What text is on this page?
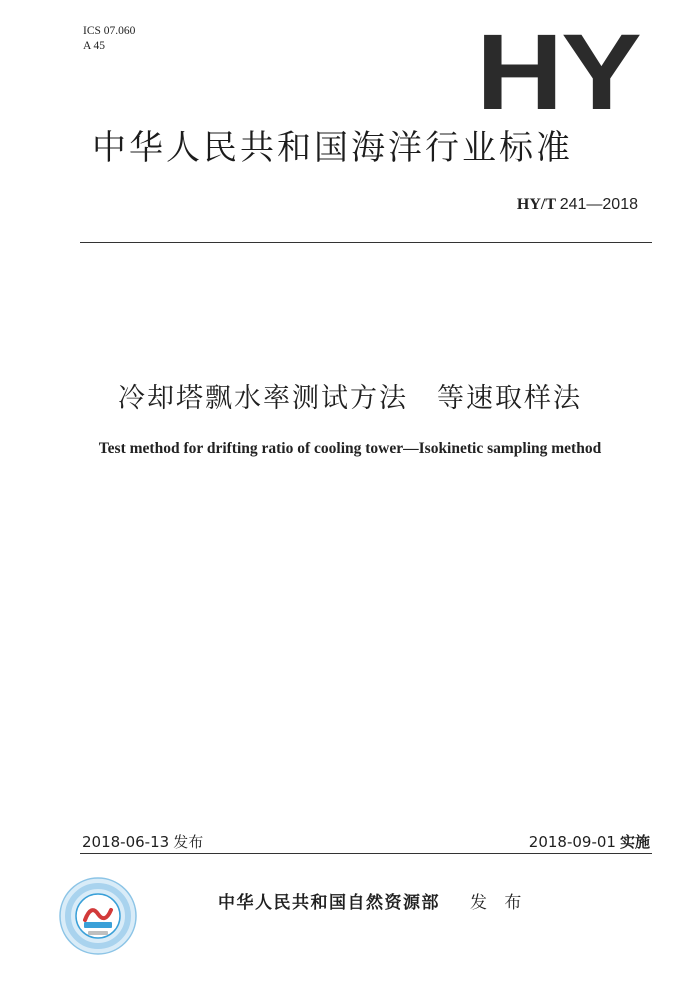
ICS 07.060
A 45	HY
中华人民共和国海洋行业标准
HY/T 241—2018
冷却塔飘水率测试方法　等速取样法
Test method for drifting ratio of cooling tower—Isokinetic sampling method
2018-06-13 发布	2018-09-01 实施
中华人民共和国自然资源部 发 布
